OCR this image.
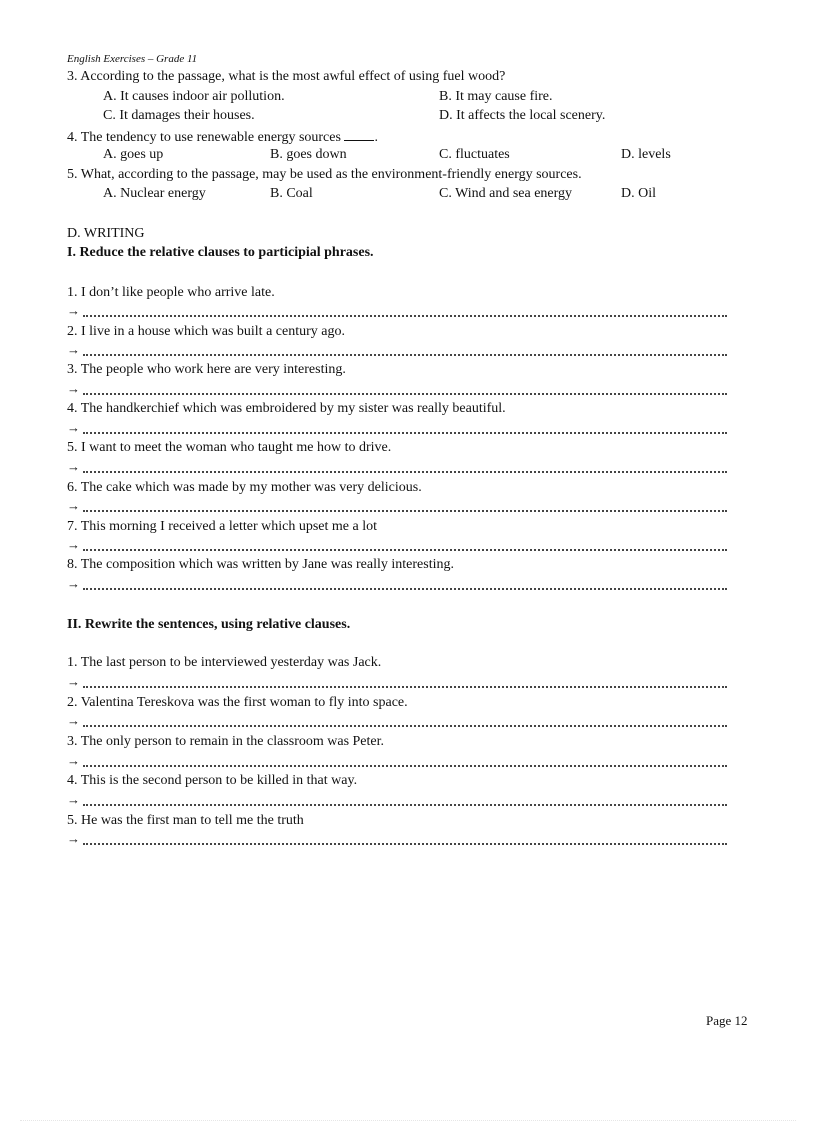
English Exercises – Grade 11
3. According to the passage, what is the most awful effect of using fuel wood?
A. It causes indoor air pollution.	B. It may cause fire.
C. It damages their houses.	D. It affects the local scenery.
4. The tendency to use renewable energy sources .
A. goes up	B. goes down	C. fluctuates	D. levels
5. What, according to the passage, may be used as the environment-friendly energy sources.
A. Nuclear energy	B. Coal	C. Wind and sea energy	D. Oil
D. WRITING
I. Reduce the relative clauses to participial phrases.
1. I don’t like people who arrive late.
→
2. I live in a house which was built a century ago.
→
3. The people who work here are very interesting.
→
4. The handkerchief which was embroidered by my sister was really beautiful.
→
5. I want to meet the woman who taught me how to drive.
→
6. The cake which was made by my mother was very delicious.
→
7. This morning I received a letter which upset me a lot
→
8. The composition which was written by Jane was really interesting.
→
II. Rewrite the sentences, using relative clauses.
1. The last person to be interviewed yesterday was Jack.
→
2. Valentina Tereskova was the first woman to fly into space.
→
3. The only person to remain in the classroom was Peter.
→
4. This is the second person to be killed in that way.
→
5. He was the first man to tell me the truth
→
Page 12
